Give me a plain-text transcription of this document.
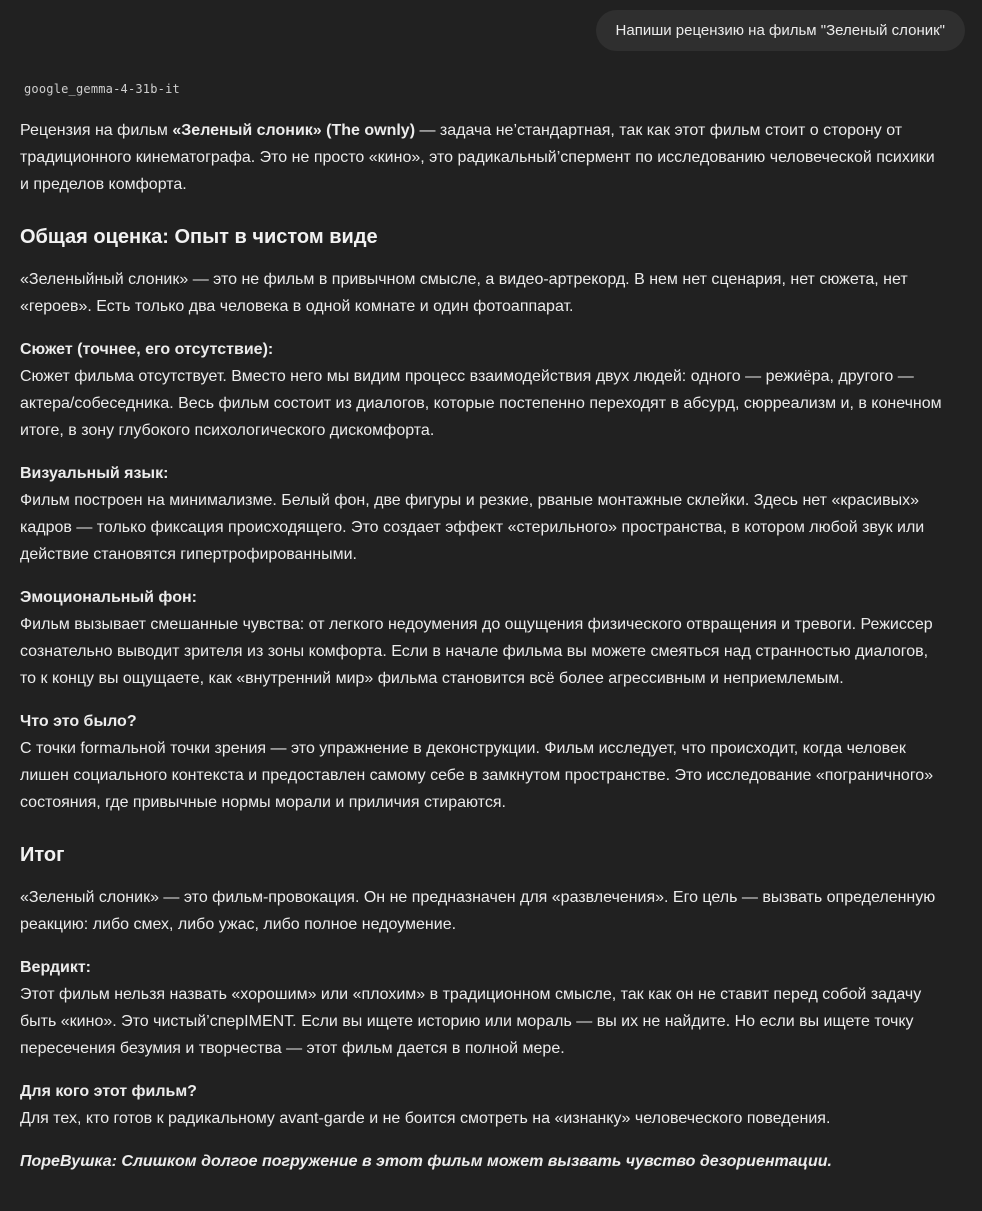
Напиши рецензию на фильм "Зеленый слоник"
google_gemma-4-31b-it

Рецензия на фильм «Зеленый слоник» (The ownly) — задача не’стандартная, так как этот фильм стоит о сторону от традиционного кинематографа. Это не просто «кино», это радикальный’спермент по исследованию человеческой психики и пределов комфорта.

Общая оценка: Опыт в чистом виде

«Зеленыйный слоник» — это не фильм в привычном смысле, а видео-артрекорд. В нем нет сценария, нет сюжета, нет «героев». Есть только два человека в одной комнате и один фотоаппарат.

Сюжет (точнее, его отсутствие):
Сюжет фильма отсутствует. Вместо него мы видим процесс взаимодействия двух людей: одного — режиёра, другого — актера/собеседника. Весь фильм состоит из диалогов, которые постепенно переходят в абсурд, сюрреализм и, в конечном итоге, в зону глубокого психологического дискомфорта.

Визуальный язык:
Фильм построен на минимализме. Белый фон, две фигуры и резкие, рваные монтажные склейки. Здесь нет «красивых» кадров — только фиксация происходящего. Это создает эффект «стерильного» пространства, в котором любой звук или действие становятся гипертрофированными.

Эмоциональный фон:
Фильм вызывает смешанные чувства: от легкого недоумения до ощущения физического отвращения и тревоги. Режиссер сознательно выводит зрителя из зоны комфорта. Если в начале фильма вы можете смеяться над странностью диалогов, то к концу вы ощущаете, как «внутренний мир» фильма становится всё более агрессивным и неприемлемым.

Что это было?
С точки formальной точки зрения — это упражнение в деконструкции. Фильм исследует, что происходит, когда человек лишен социального контекста и предоставлен самому себе в замкнутом пространстве. Это исследование «пограничного» состояния, где привычные нормы морали и приличия стираются.

Итог

«Зеленый слоник» — это фильм-провокация. Он не предназначен для «развлечения». Его цель — вызвать определенную реакцию: либо смех, либо ужас, либо полное недоумение.

Вердикт:
Этот фильм нельзя назвать «хорошим» или «плохим» в традиционном смысле, так как он не ставит перед собой задачу быть «кино». Это чистый’сперIMENT. Если вы ищете историю или мораль — вы их не найдите. Но если вы ищете точку пересечения безумия и творчества — этот фильм дается в полной мере.

Для кого этот фильм?
Для тех, кто готов к радикальному avant-garde и не боится смотреть на «изнанку» человеческого поведения.

ПореВушка: Слишком долгое погружение в этот фильм может вызвать чувство дезориентации.
